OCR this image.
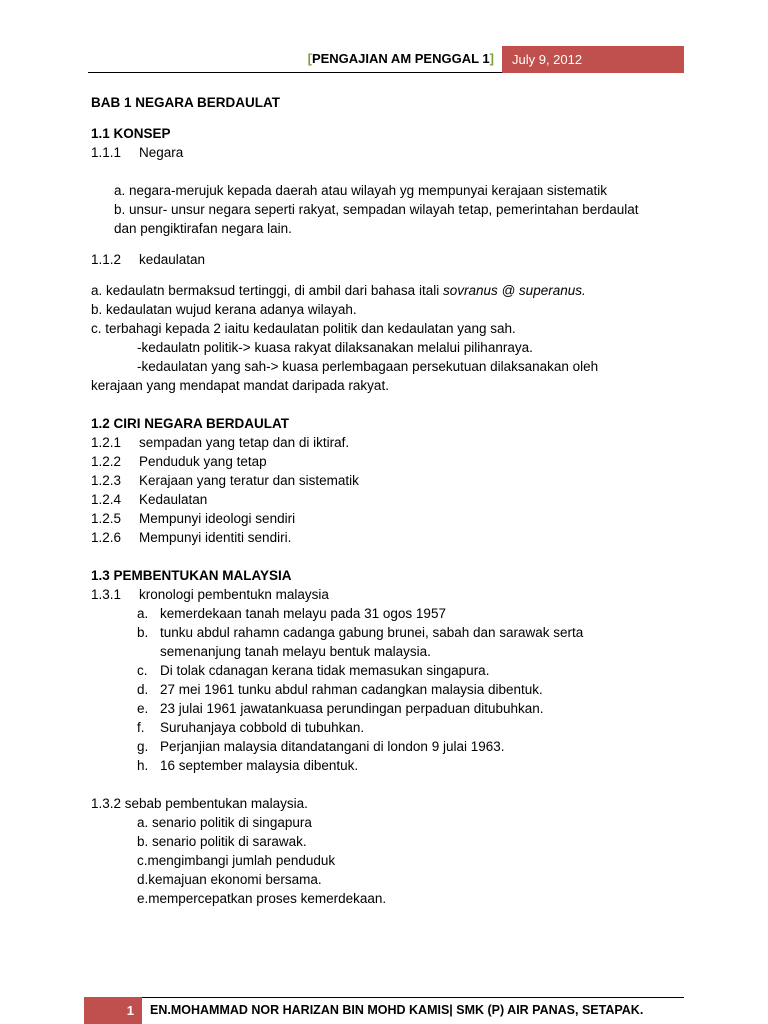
[PENGAJIAN AM PENGGAL 1]	July 9, 2012
BAB 1 NEGARA BERDAULAT
1.1 KONSEP
1.1.1 Negara
a. negara-merujuk kepada daerah atau wilayah yg mempunyai kerajaan sistematik
b. unsur- unsur negara seperti rakyat, sempadan wilayah tetap, pemerintahan berdaulat
dan pengiktirafan negara lain.
1.1.2 kedaulatan
a. kedaulatn bermaksud tertinggi, di ambil dari bahasa itali sovranus @ superanus.
b. kedaulatan wujud kerana adanya wilayah.
c. terbahagi kepada 2 iaitu kedaulatan politik dan kedaulatan yang sah.
-kedaulatn politik-> kuasa rakyat dilaksanakan melalui pilihanraya.
-kedaulatan yang sah-> kuasa perlembagaan persekutuan dilaksanakan oleh
kerajaan yang mendapat mandat daripada rakyat.
1.2 CIRI NEGARA BERDAULAT
1.2.1 sempadan yang tetap dan di iktiraf.
1.2.2 Penduduk yang tetap
1.2.3 Kerajaan yang teratur dan sistematik
1.2.4 Kedaulatan
1.2.5 Mempunyi ideologi sendiri
1.2.6 Mempunyi identiti sendiri.
1.3 PEMBENTUKAN MALAYSIA
1.3.1 kronologi pembentukn malaysia
a. kemerdekaan tanah melayu pada 31 ogos 1957
b. tunku abdul rahamn cadanga gabung brunei, sabah dan sarawak serta
semenanjung tanah melayu bentuk malaysia.
c. Di tolak cdanagan kerana tidak memasukan singapura.
d. 27 mei 1961 tunku abdul rahman cadangkan malaysia dibentuk.
e. 23 julai 1961 jawatankuasa perundingan perpaduan ditubuhkan.
f. Suruhanjaya cobbold di tubuhkan.
g. Perjanjian malaysia ditandatangani di london 9 julai 1963.
h. 16 september malaysia dibentuk.
1.3.2 sebab pembentukan malaysia.
a. senario politik di singapura
b. senario politik di sarawak.
c.mengimbangi jumlah penduduk
d.kemajuan ekonomi bersama.
e.mempercepatkan proses kemerdekaan.
1	EN.MOHAMMAD NOR HARIZAN BIN MOHD KAMIS| SMK (P) AIR PANAS, SETAPAK.
